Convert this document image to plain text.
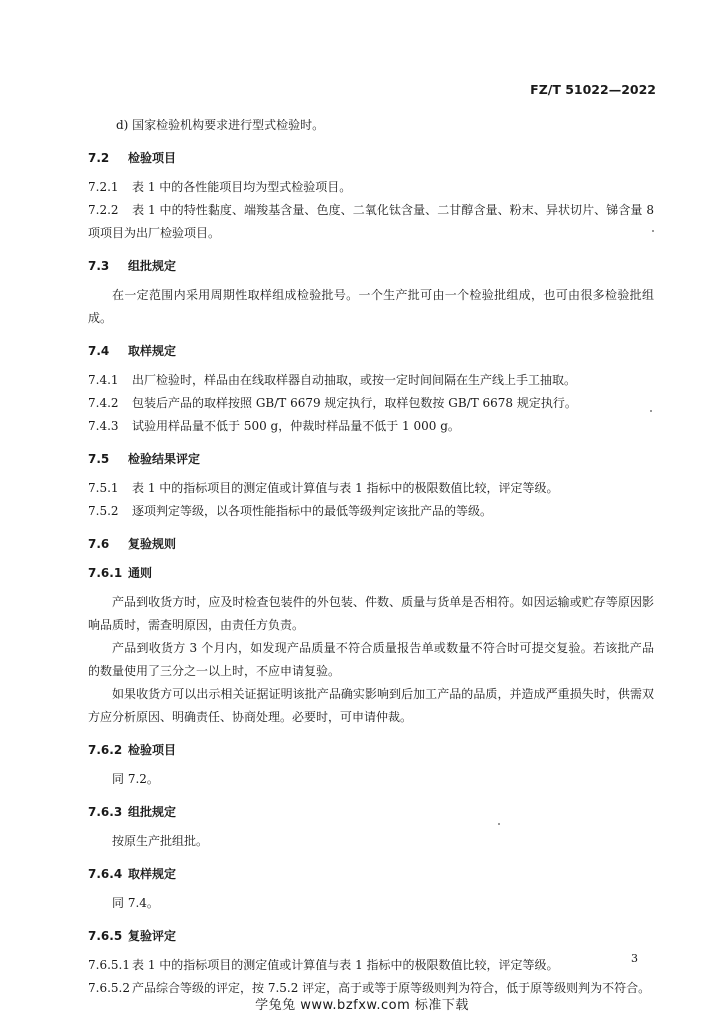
FZ/T 51022—2022

d) 国家检验机构要求进行型式检验时。

7.2 检验项目

7.2.1 表 1 中的各性能项目均为型式检验项目。

7.2.2 表 1 中的特性黏度、端羧基含量、色度、二氧化钛含量、二甘醇含量、粉末、异状切片、锑含量 8 项项目为出厂检验项目。

7.3 组批规定

在一定范围内采用周期性取样组成检验批号。一个生产批可由一个检验批组成，也可由很多检验批组成。

7.4 取样规定

7.4.1 出厂检验时，样品由在线取样器自动抽取，或按一定时间间隔在生产线上手工抽取。

7.4.2 包装后产品的取样按照 GB/T 6679 规定执行，取样包数按 GB/T 6678 规定执行。

7.4.3 试验用样品量不低于 500 g，仲裁时样品量不低于 1 000 g。

7.5 检验结果评定

7.5.1 表 1 中的指标项目的测定值或计算值与表 1 指标中的极限数值比较，评定等级。

7.5.2 逐项判定等级，以各项性能指标中的最低等级判定该批产品的等级。

7.6 复验规则

7.6.1 通则

产品到收货方时，应及时检查包装件的外包装、件数、质量与货单是否相符。如因运输或贮存等原因影响品质时，需查明原因，由责任方负责。

产品到收货方 3 个月内，如发现产品质量不符合质量报告单或数量不符合时可提交复验。若该批产品的数量使用了三分之一以上时，不应申请复验。

如果收货方可以出示相关证据证明该批产品确实影响到后加工产品的品质，并造成严重损失时，供需双方应分析原因、明确责任、协商处理。必要时，可申请仲裁。

7.6.2 检验项目

同 7.2。

7.6.3 组批规定

按原生产批组批。

7.6.4 取样规定

同 7.4。

7.6.5 复验评定

7.6.5.1 表 1 中的指标项目的测定值或计算值与表 1 指标中的极限数值比较，评定等级。

7.6.5.2 产品综合等级的评定，按 7.5.2 评定，高于或等于原等级则判为符合，低于原等级则判为不符合。

3
学兔兔 www.bzfxw.com 标准下载
